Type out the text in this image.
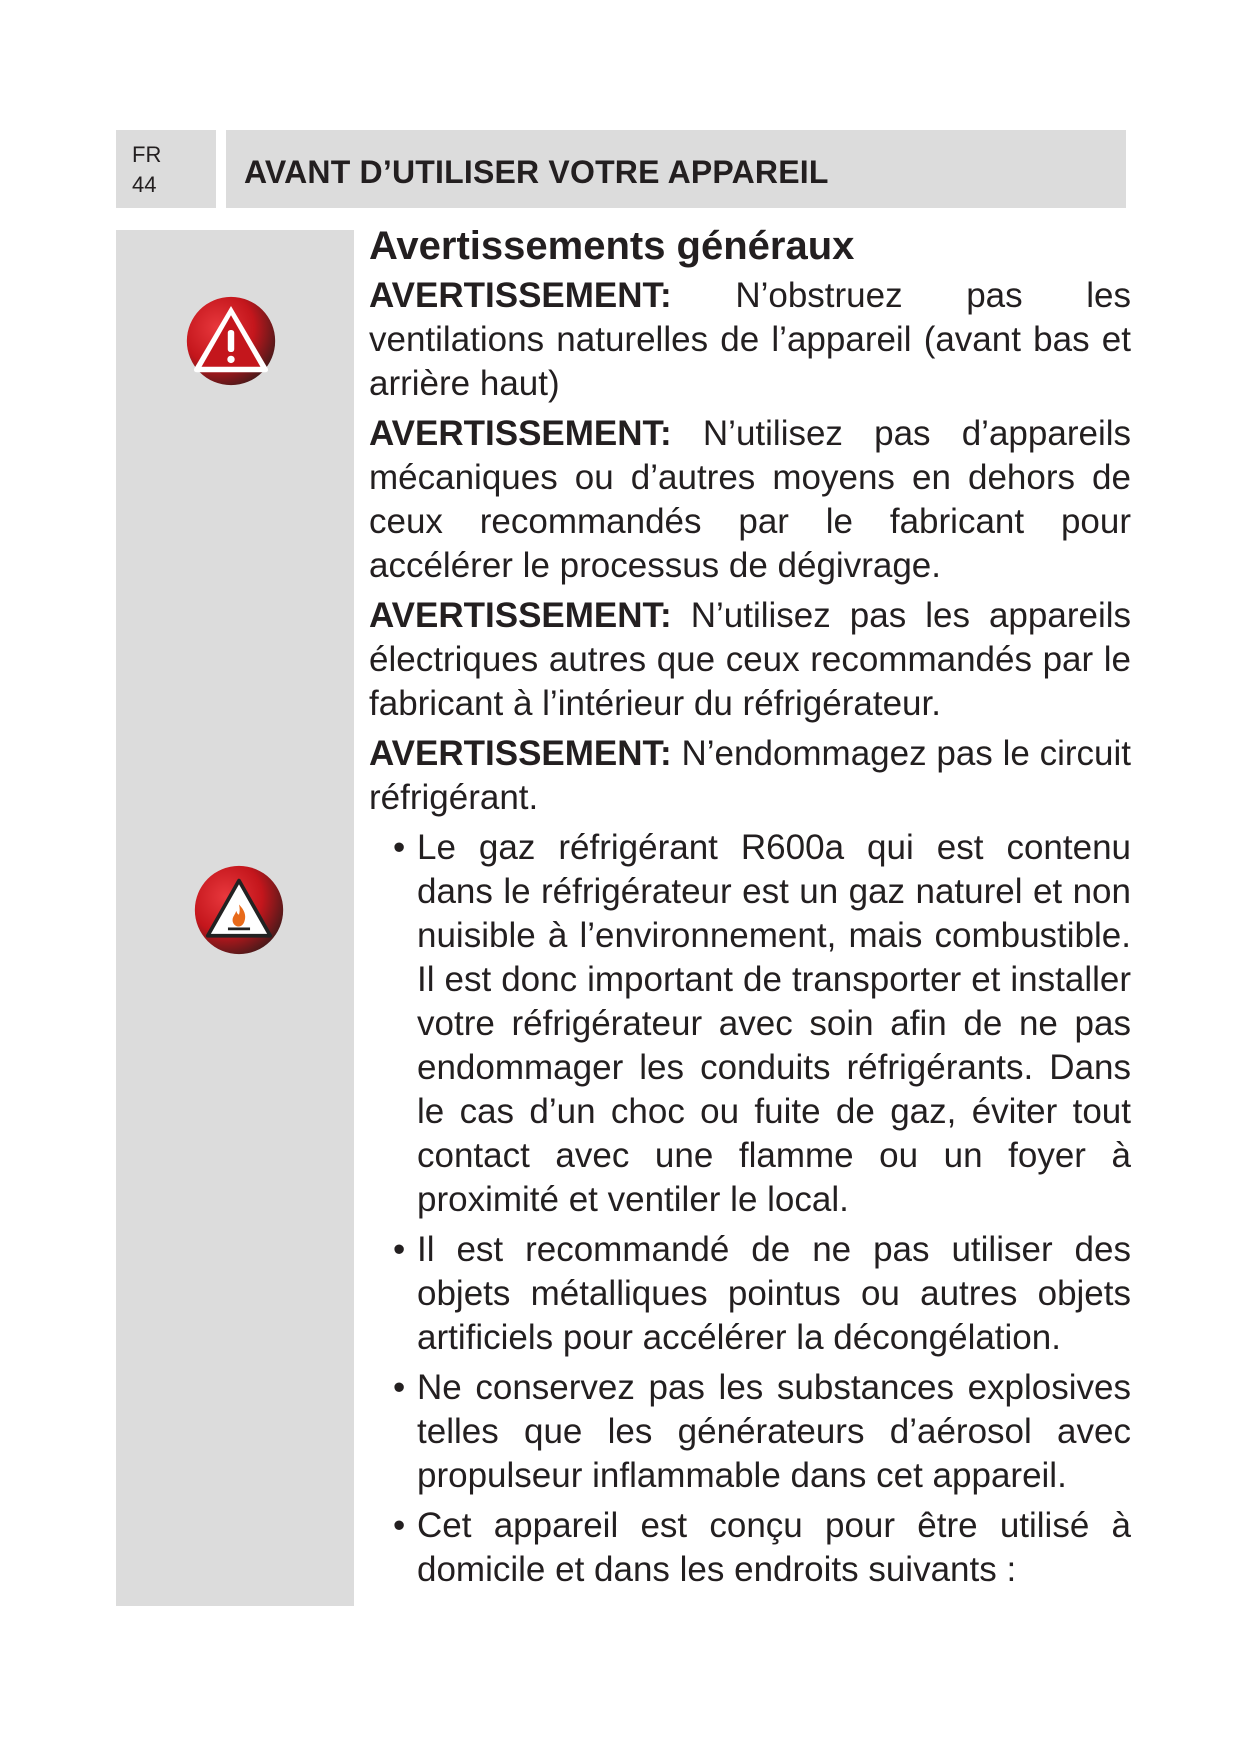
FR
44	AVANT D’UTILISER VOTRE APPAREIL
Avertissements généraux

AVERTISSEMENT: N’obstruez pas les ventilations naturelles de l’appareil (avant bas et arrière haut)

AVERTISSEMENT: N’utilisez pas d’appareils mécaniques ou d’autres moyens en dehors de ceux recommandés par le fabricant pour accélérer le processus de dégivrage.

AVERTISSEMENT: N’utilisez pas les appareils électriques autres que ceux recommandés par le fabricant à l’intérieur du réfrigérateur.

AVERTISSEMENT: N’endommagez pas le circuit réfrigérant.

• Le gaz réfrigérant R600a qui est contenu dans le réfrigérateur est un gaz naturel et non nuisible à l’environnement, mais combustible. Il est donc important de transporter et installer votre réfrigérateur avec soin afin de ne pas endommager les conduits réfrigérants. Dans le cas d’un choc ou fuite de gaz, éviter tout contact avec une flamme ou un foyer à proximité et ventiler le local.
• Il est recommandé de ne pas utiliser des objets métalliques pointus ou autres objets artificiels pour accélérer la décongélation.
• Ne conservez pas les substances explosives telles que les générateurs d’aérosol avec propulseur inflammable dans cet appareil.
• Cet appareil est conçu pour être utilisé à domicile et dans les endroits suivants :
